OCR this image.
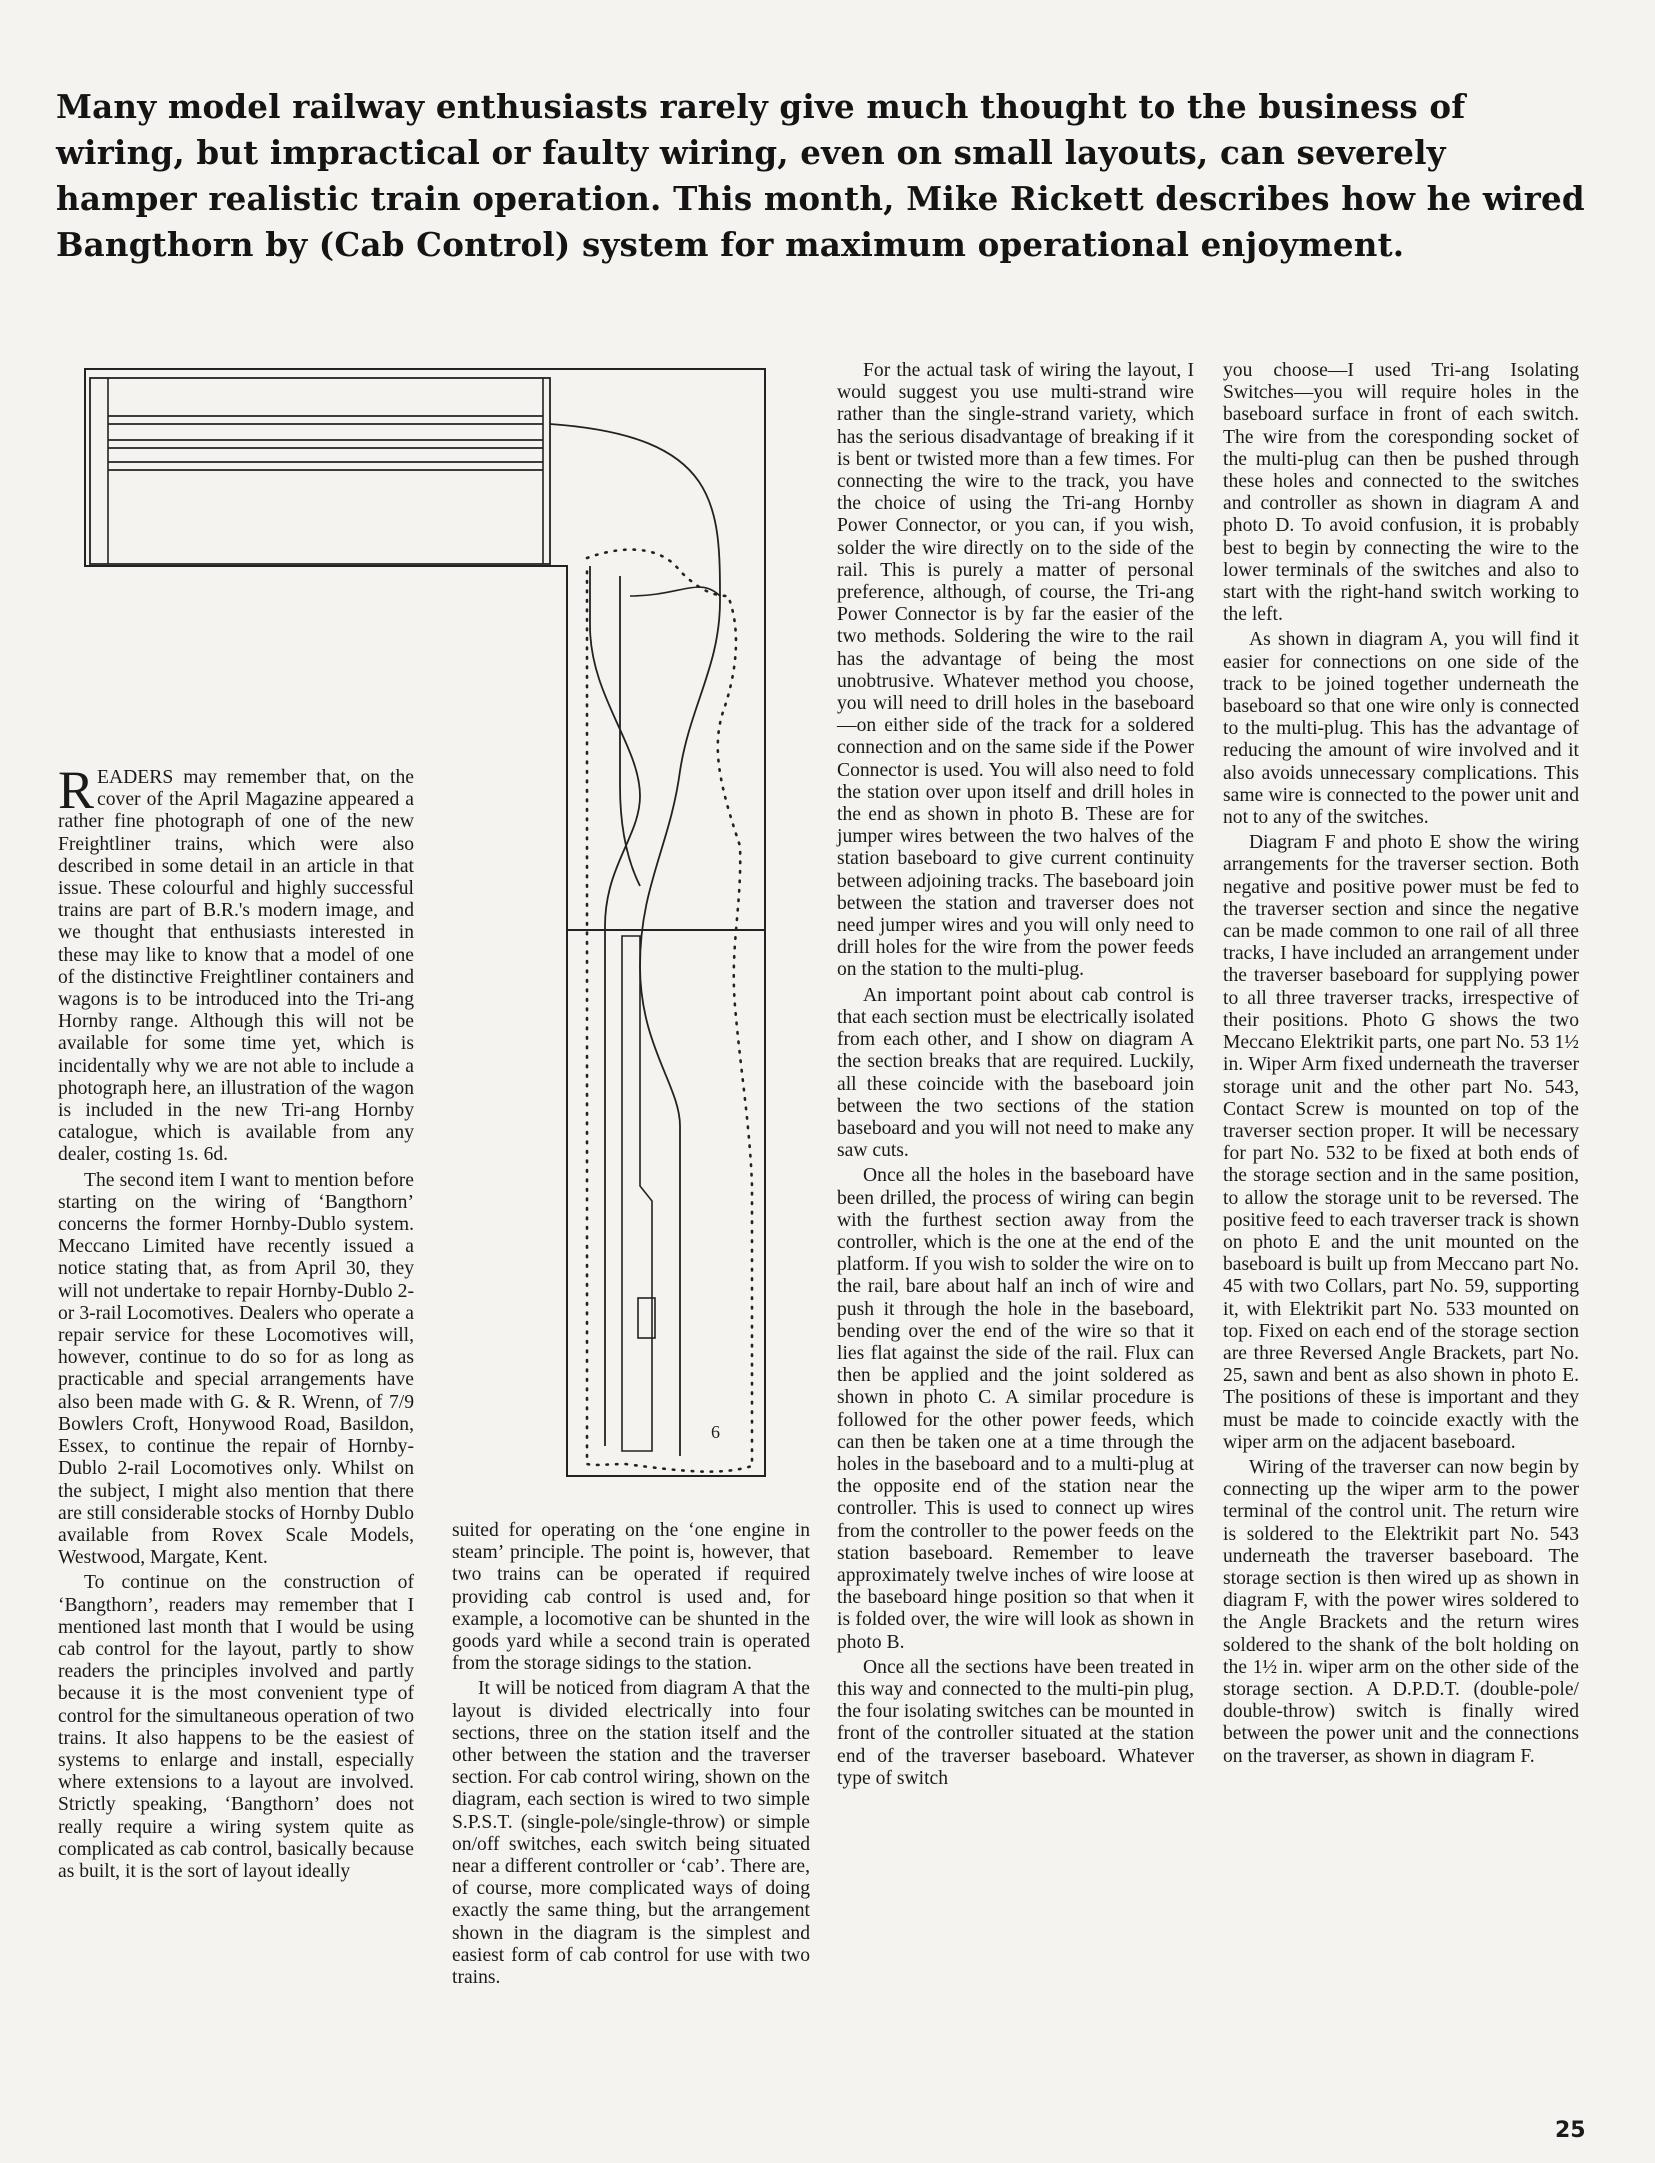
Many model railway enthusiasts rarely give much thought to the business of wiring, but impractical or faulty wiring, even on small layouts, can severely hamper realistic train operation. This month, Mike Rickett describes how he wired Bangthorn by (Cab Control) system for maximum operational enjoyment.
6

READERS may remember that, on the cover of the April Magazine appeared a rather fine photograph of one of the new Freightliner trains, which were also described in some detail in an article in that issue. These colourful and highly successful trains are part of B.R.'s modern image, and we thought that enthusiasts interested in these may like to know that a model of one of the distinctive Freightliner containers and wagons is to be introduced into the Tri-ang Hornby range. Although this will not be available for some time yet, which is incidentally why we are not able to include a photograph here, an illustration of the wagon is included in the new Tri-ang Hornby catalogue, which is available from any dealer, costing 1s. 6d.

The second item I want to mention before starting on the wiring of ‘Bangthorn’ concerns the former Hornby-Dublo system. Meccano Limited have recently issued a notice stating that, as from April 30, they will not undertake to repair Hornby-Dublo 2- or 3-rail Locomotives. Dealers who operate a repair service for these Locomotives will, however, continue to do so for as long as practicable and special arrangements have also been made with G. & R. Wrenn, of 7/9 Bowlers Croft, Honywood Road, Basildon, Essex, to continue the repair of Hornby-Dublo 2-rail Locomotives only. Whilst on the subject, I might also mention that there are still considerable stocks of Hornby Dublo available from Rovex Scale Models, Westwood, Margate, Kent.

To continue on the construction of ‘Bangthorn’, readers may remember that I mentioned last month that I would be using cab control for the layout, partly to show readers the principles involved and partly because it is the most convenient type of control for the simultaneous operation of two trains. It also happens to be the easiest of systems to enlarge and install, especially where extensions to a layout are involved. Strictly speaking, ‘Bangthorn’ does not really require a wiring system quite as complicated as cab control, basically because as built, it is the sort of layout ideally

suited for operating on the ‘one engine in steam’ principle. The point is, however, that two trains can be operated if required providing cab control is used and, for example, a locomotive can be shunted in the goods yard while a second train is operated from the storage sidings to the station.

It will be noticed from diagram A that the layout is divided electrically into four sections, three on the station itself and the other between the station and the traverser section. For cab control wiring, shown on the diagram, each section is wired to two simple S.P.S.T. (single-pole/single-throw) or simple on/off switches, each switch being situated near a different controller or ‘cab’. There are, of course, more complicated ways of doing exactly the same thing, but the arrangement shown in the diagram is the simplest and easiest form of cab control for use with two trains.

For the actual task of wiring the layout, I would suggest you use multi-strand wire rather than the single-strand variety, which has the serious disadvantage of breaking if it is bent or twisted more than a few times. For connecting the wire to the track, you have the choice of using the Tri-ang Hornby Power Connector, or you can, if you wish, solder the wire directly on to the side of the rail. This is purely a matter of personal preference, although, of course, the Tri-ang Power Connector is by far the easier of the two methods. Soldering the wire to the rail has the advantage of being the most unobtrusive. Whatever method you choose, you will need to drill holes in the baseboard —on either side of the track for a soldered connection and on the same side if the Power Connector is used. You will also need to fold the station over upon itself and drill holes in the end as shown in photo B. These are for jumper wires between the two halves of the station baseboard to give current continuity between adjoining tracks. The baseboard join between the station and traverser does not need jumper wires and you will only need to drill holes for the wire from the power feeds on the station to the multi-plug.

An important point about cab control is that each section must be electrically isolated from each other, and I show on diagram A the section breaks that are required. Luckily, all these coincide with the baseboard join between the two sections of the station baseboard and you will not need to make any saw cuts.

Once all the holes in the baseboard have been drilled, the process of wiring can begin with the furthest section away from the controller, which is the one at the end of the platform. If you wish to solder the wire on to the rail, bare about half an inch of wire and push it through the hole in the baseboard, bending over the end of the wire so that it lies flat against the side of the rail. Flux can then be applied and the joint soldered as shown in photo C. A similar procedure is followed for the other power feeds, which can then be taken one at a time through the holes in the baseboard and to a multi-plug at the opposite end of the station near the controller. This is used to connect up wires from the controller to the power feeds on the station baseboard. Remember to leave approximately twelve inches of wire loose at the baseboard hinge position so that when it is folded over, the wire will look as shown in photo B.

Once all the sections have been treated in this way and connected to the multi-pin plug, the four isolating switches can be mounted in front of the controller situated at the station end of the traverser baseboard. Whatever type of switch

you choose—I used Tri-ang Isolating Switches—you will require holes in the baseboard surface in front of each switch. The wire from the coresponding socket of the multi-plug can then be pushed through these holes and connected to the switches and controller as shown in diagram A and photo D. To avoid confusion, it is probably best to begin by connecting the wire to the lower terminals of the switches and also to start with the right-hand switch working to the left.

As shown in diagram A, you will find it easier for connections on one side of the track to be joined together underneath the baseboard so that one wire only is connected to the multi-plug. This has the advantage of reducing the amount of wire involved and it also avoids unnecessary complications. This same wire is connected to the power unit and not to any of the switches.

Diagram F and photo E show the wiring arrangements for the traverser section. Both negative and positive power must be fed to the traverser section and since the negative can be made common to one rail of all three tracks, I have included an arrangement under the traverser baseboard for supplying power to all three traverser tracks, irrespective of their positions. Photo G shows the two Meccano Elektrikit parts, one part No. 53 1½ in. Wiper Arm fixed underneath the traverser storage unit and the other part No. 543, Contact Screw is mounted on top of the traverser section proper. It will be necessary for part No. 532 to be fixed at both ends of the storage section and in the same position, to allow the storage unit to be reversed. The positive feed to each traverser track is shown on photo E and the unit mounted on the baseboard is built up from Meccano part No. 45 with two Collars, part No. 59, supporting it, with Elektrikit part No. 533 mounted on top. Fixed on each end of the storage section are three Reversed Angle Brackets, part No. 25, sawn and bent as also shown in photo E. The positions of these is important and they must be made to coincide exactly with the wiper arm on the adjacent baseboard.

Wiring of the traverser can now begin by connecting up the wiper arm to the power terminal of the control unit. The return wire is soldered to the Elektrikit part No. 543 underneath the traverser baseboard. The storage section is then wired up as shown in diagram F, with the power wires soldered to the Angle Brackets and the return wires soldered to the shank of the bolt holding on the 1½ in. wiper arm on the other side of the storage section. A D.P.D.T. (double-pole/ double-throw) switch is finally wired between the power unit and the connections on the traverser, as shown in diagram F.

25
